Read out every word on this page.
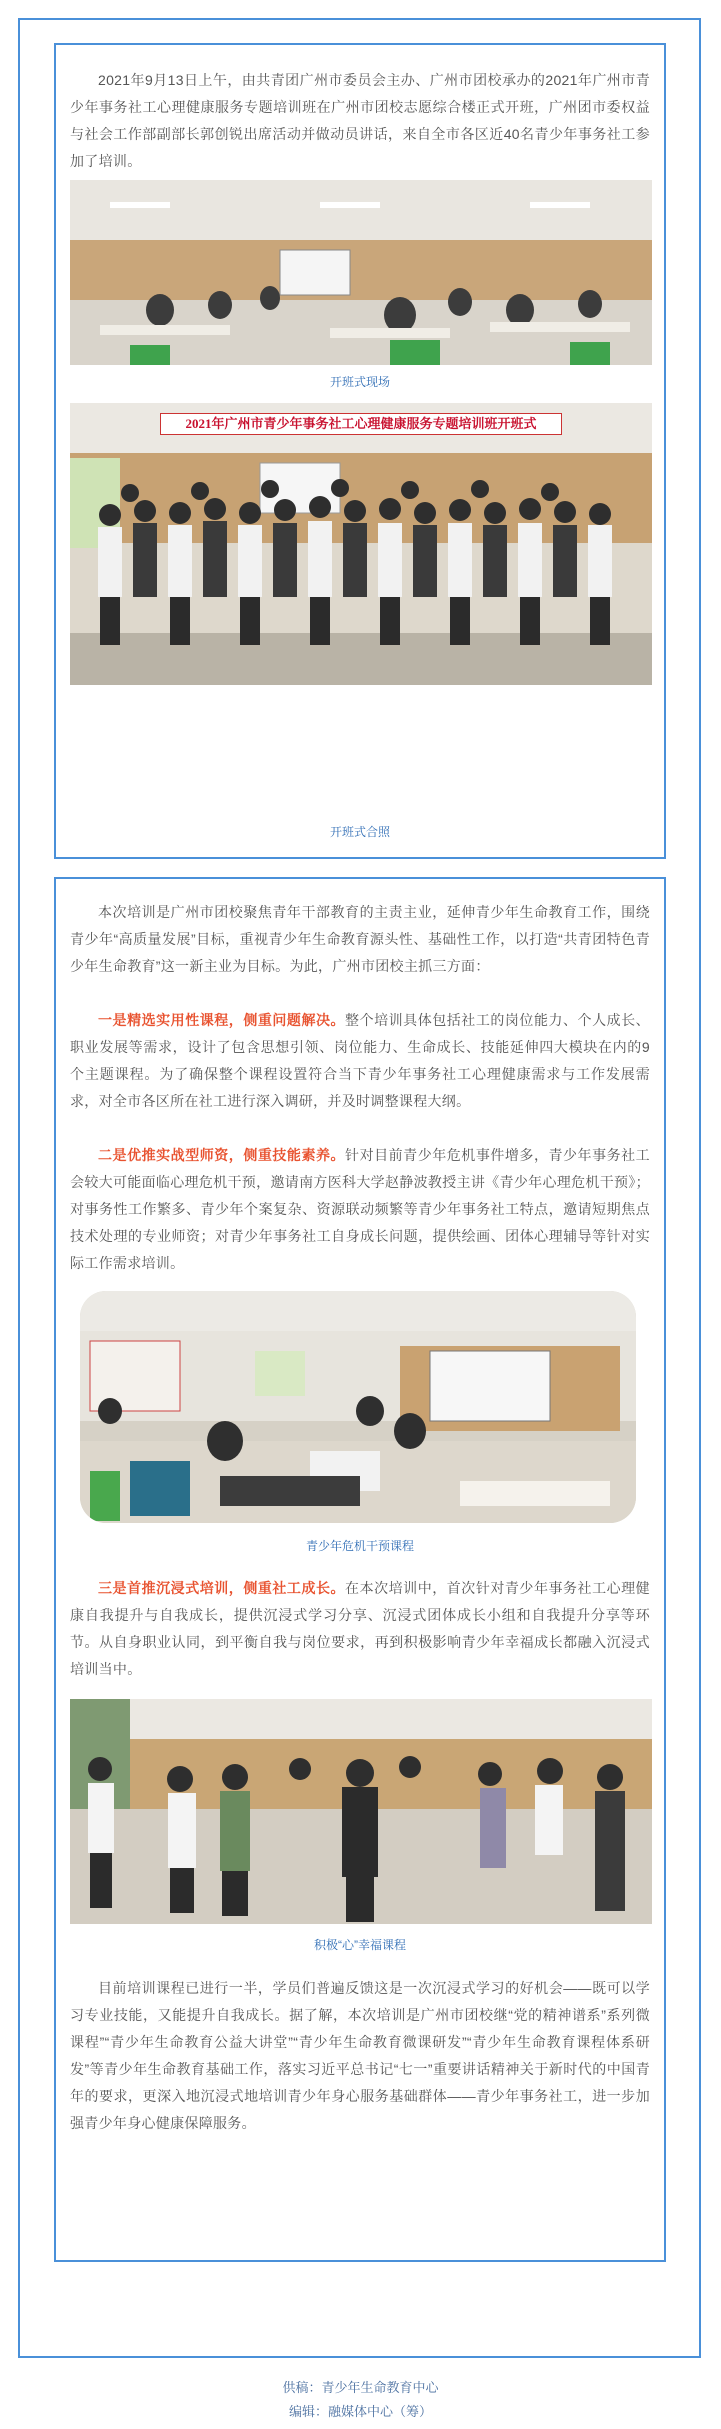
2021年9月13日上午，由共青团广州市委员会主办、广州市团校承办的2021年广州市青少年事务社工心理健康服务专题培训班在广州市团校志愿综合楼正式开班，广州团市委权益与社会工作部副部长郭创锐出席活动并做动员讲话，来自全市各区近40名青少年事务社工参加了培训。

开班式现场
2021年广州市青少年事务社工心理健康服务专题培训班开班式
开班式合照

本次培训是广州市团校聚焦青年干部教育的主责主业，延伸青少年生命教育工作，围绕青少年“高质量发展”目标，重视青少年生命教育源头性、基础性工作，以打造“共青团特色青少年生命教育”这一新主业为目标。为此，广州市团校主抓三方面：

一是精选实用性课程，侧重问题解决。整个培训具体包括社工的岗位能力、个人成长、职业发展等需求，设计了包含思想引领、岗位能力、生命成长、技能延伸四大模块在内的9个主题课程。为了确保整个课程设置符合当下青少年事务社工心理健康需求与工作发展需求，对全市各区所在社工进行深入调研，并及时调整课程大纲。

二是优推实战型师资，侧重技能素养。针对目前青少年危机事件增多，青少年事务社工会较大可能面临心理危机干预，邀请南方医科大学赵静波教授主讲《青少年心理危机干预》；对事务性工作繁多、青少年个案复杂、资源联动频繁等青少年事务社工特点，邀请短期焦点技术处理的专业师资；对青少年事务社工自身成长问题，提供绘画、团体心理辅导等针对实际工作需求培训。

青少年危机干预课程

三是首推沉浸式培训，侧重社工成长。在本次培训中，首次针对青少年事务社工心理健康自我提升与自我成长，提供沉浸式学习分享、沉浸式团体成长小组和自我提升分享等环节。从自身职业认同，到平衡自我与岗位要求，再到积极影响青少年幸福成长都融入沉浸式培训当中。

积极“心”幸福课程

目前培训课程已进行一半，学员们普遍反馈这是一次沉浸式学习的好机会——既可以学习专业技能，又能提升自我成长。据了解，本次培训是广州市团校继“党的精神谱系”系列微课程”“青少年生命教育公益大讲堂”“青少年生命教育微课研发”“青少年生命教育课程体系研发”等青少年生命教育基础工作，落实习近平总书记“七一”重要讲话精神关于新时代的中国青年的要求，更深入地沉浸式地培训青少年身心服务基础群体——青少年事务社工，进一步加强青少年身心健康保障服务。

供稿：青少年生命教育中心
编辑：融媒体中心（筹）
